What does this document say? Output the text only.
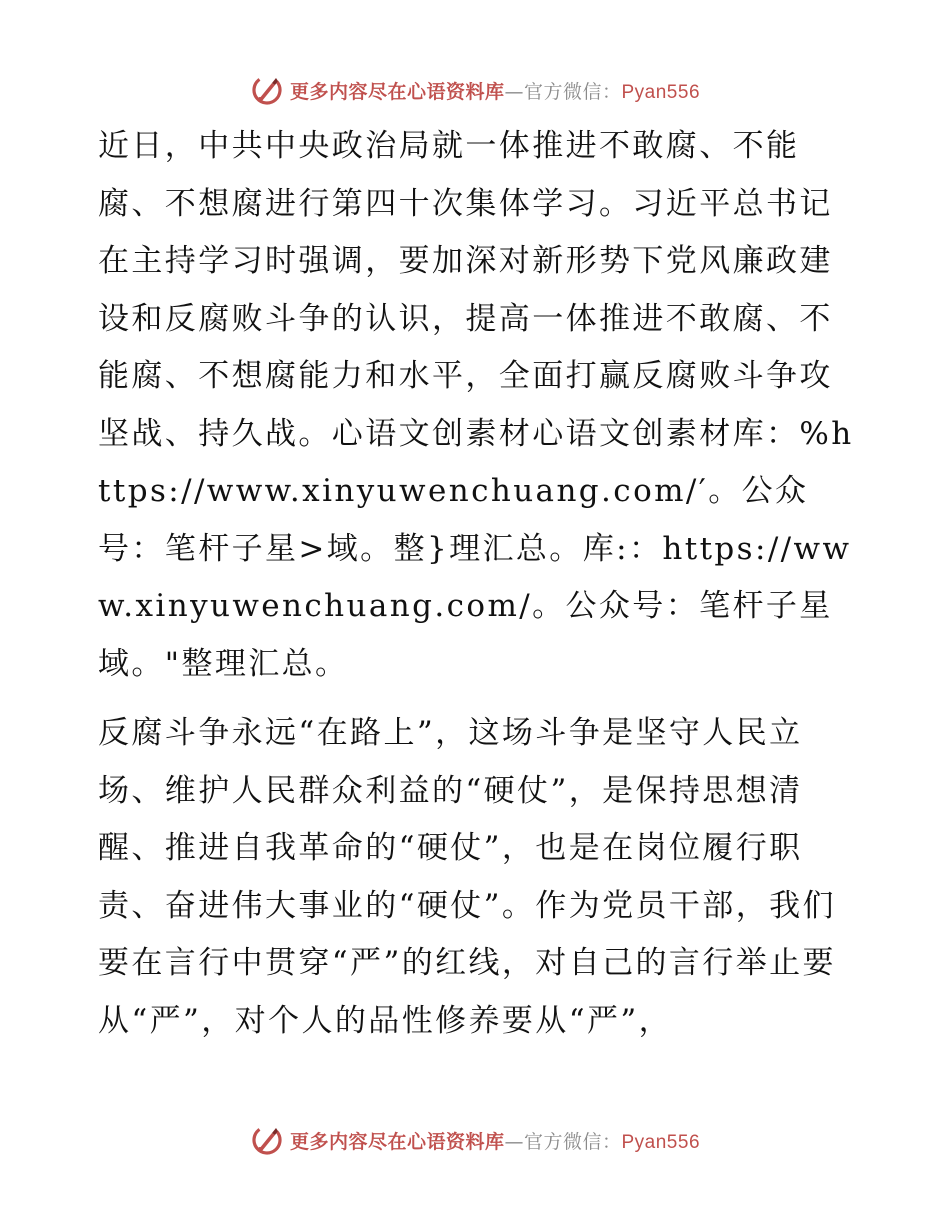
更多内容尽在心语资料库—官方微信：Pyan556

近日，中共中央政治局就一体推进不敢腐、不能腐、不想腐进行第四十次集体学习。习近平总书记在主持学习时强调，要加深对新形势下党风廉政建设和反腐败斗争的认识，提高一体推进不敢腐、不能腐、不想腐能力和水平，全面打赢反腐败斗争攻坚战、持久战。心语文创素材心语文创素材库：%https://www.xinyuwenchuang.com/′。公众号：笔杆子星>域。整}理汇总。库:：https://www.xinyuwenchuang.com/。公众号：笔杆子星域。"整理汇总。

反腐斗争永远“在路上”，这场斗争是坚守人民立场、维护人民群众利益的“硬仗”，是保持思想清醒、推进自我革命的“硬仗”，也是在岗位履行职责、奋进伟大事业的“硬仗”。作为党员干部，我们要在言行中贯穿“严”的红线，对自己的言行举止要从“严”，对个人的品性修养要从“严”，

更多内容尽在心语资料库—官方微信：Pyan556
